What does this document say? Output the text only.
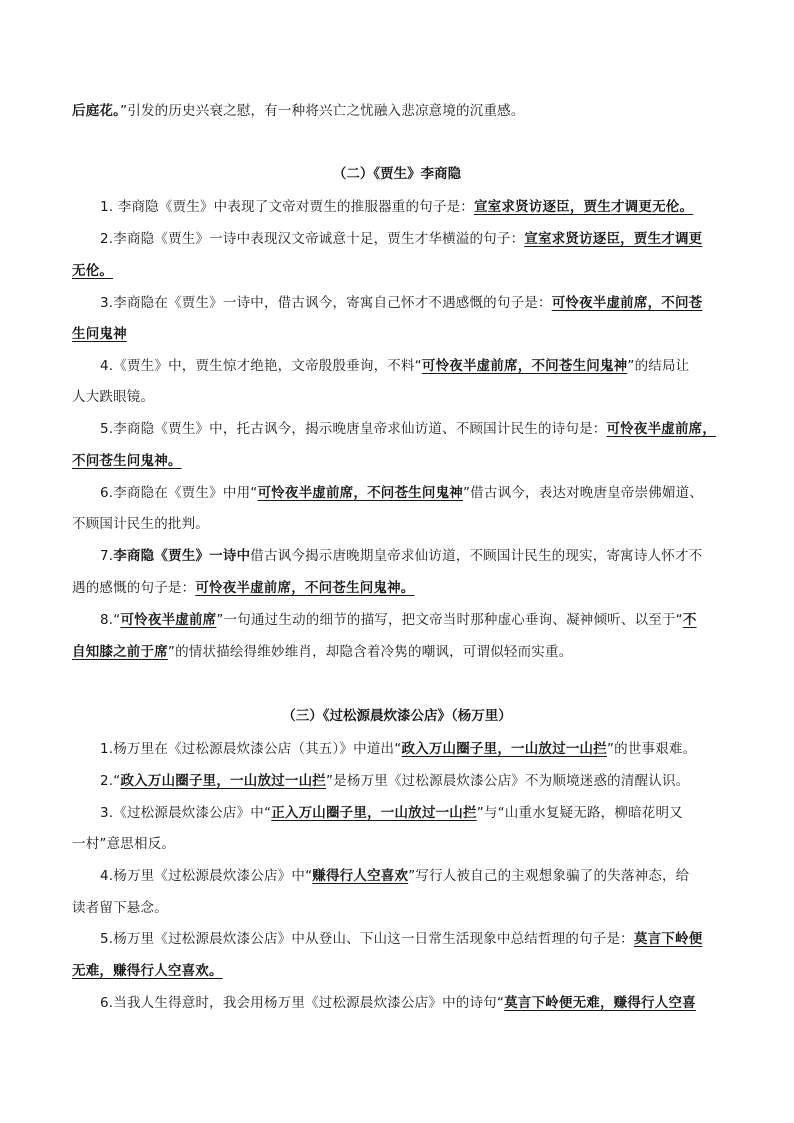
后庭花。”引发的历史兴衰之慰，有一种将兴亡之忧融入悲凉意境的沉重感。
（二）《贾生》李商隐
1. 李商隐《贾生》中表现了文帝对贾生的推服器重的句子是：宣室求贤访逐臣，贾生才调更无伦。
2.李商隐《贾生》一诗中表现汉文帝诚意十足，贾生才华横溢的句子：宣室求贤访逐臣，贾生才调更
无伦。
3.李商隐在《贾生》一诗中，借古讽今，寄寓自己怀才不遇感慨的句子是：可怜夜半虚前席，不问苍
生问鬼神
4.《贾生》中，贾生惊才绝艳，文帝殷殷垂询，不料“可怜夜半虚前席，不问苍生问鬼神”的结局让
人大跌眼镜。
5.李商隐《贾生》中，托古讽今，揭示晚唐皇帝求仙访道、不顾国计民生的诗句是：可怜夜半虚前席，
不问苍生问鬼神。
6.李商隐在《贾生》中用“可怜夜半虚前席，不问苍生问鬼神”借古讽今，表达对晚唐皇帝崇佛媚道、
不顾国计民生的批判。
7.李商隐《贾生》一诗中借古讽今揭示唐晚期皇帝求仙访道，不顾国计民生的现实，寄寓诗人怀才不
遇的感慨的句子是：可怜夜半虚前席，不问苍生问鬼神。
8.“可怜夜半虚前席”一句通过生动的细节的描写，把文帝当时那种虚心垂询、凝神倾听、以至于“不
自知膝之前于席”的情状描绘得维妙维肖，却隐含着冷隽的嘲讽，可谓似轻而实重。
（三）《过松源晨炊漆公店》（杨万里）
1.杨万里在《过松源晨炊漆公店（其五）》中道出“政入万山圈子里，一山放过一山拦”的世事艰难。
2.“政入万山圈子里，一山放过一山拦”是杨万里《过松源晨炊漆公店》不为顺境迷惑的清醒认识。
3.《过松源晨炊漆公店》中“正入万山圈子里，一山放过一山拦”与“山重水复疑无路，柳暗花明又
一村”意思相反。
4.杨万里《过松源晨炊漆公店》中“赚得行人空喜欢”写行人被自己的主观想象骗了的失落神态，给
读者留下悬念。
5.杨万里《过松源晨炊漆公店》中从登山、下山这一日常生活现象中总结哲理的句子是：莫言下岭便
无难，赚得行人空喜欢。
6.当我人生得意时，我会用杨万里《过松源晨炊漆公店》中的诗句“莫言下岭便无难，赚得行人空喜
